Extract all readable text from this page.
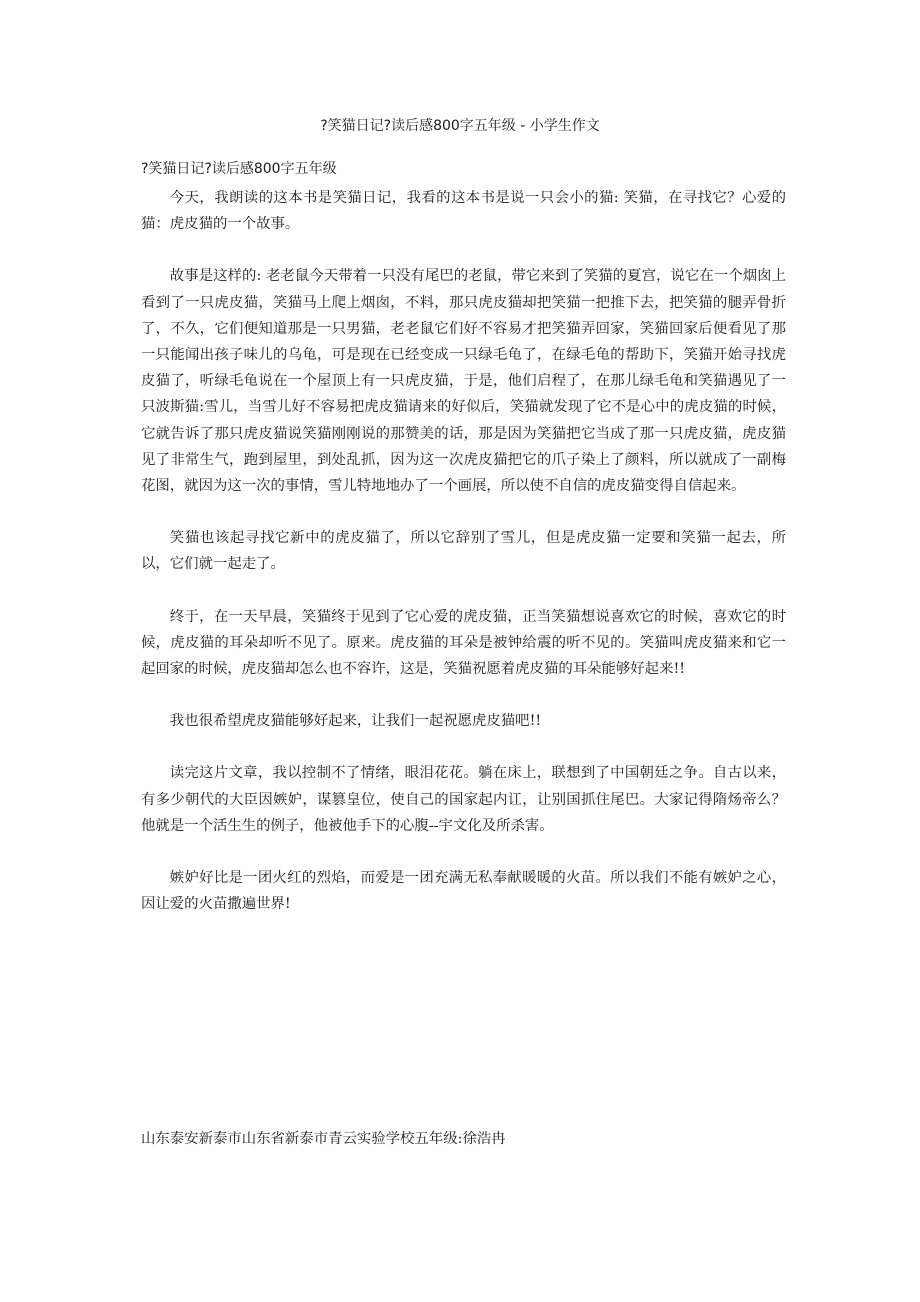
?笑猫日记?读后感800字五年级 - 小学生作文

?笑猫日记?读后感800字五年级

今天，我朗读的这本书是笑猫日记，我看的这本书是说一只会小的猫: 笑猫，在寻找它？心爱的猫：虎皮猫的一个故事。

故事是这样的: 老老鼠今天带着一只没有尾巴的老鼠，带它来到了笑猫的夏宫，说它在一个烟囱上看到了一只虎皮猫，笑猫马上爬上烟囱，不料，那只虎皮猫却把笑猫一把推下去，把笑猫的腿弄骨折了，不久，它们便知道那是一只男猫，老老鼠它们好不容易才把笑猫弄回家，笑猫回家后便看见了那一只能闻出孩子味儿的乌龟，可是现在已经变成一只绿毛龟了，在绿毛龟的帮助下，笑猫开始寻找虎皮猫了，听绿毛龟说在一个屋顶上有一只虎皮猫，于是，他们启程了，在那儿绿毛龟和笑猫遇见了一只波斯猫:雪儿，当雪儿好不容易把虎皮猫请来的好似后，笑猫就发现了它不是心中的虎皮猫的时候，它就告诉了那只虎皮猫说笑猫刚刚说的那赞美的话，那是因为笑猫把它当成了那一只虎皮猫，虎皮猫见了非常生气，跑到屋里，到处乱抓，因为这一次虎皮猫把它的爪子染上了颜料，所以就成了一副梅花图，就因为这一次的事情，雪儿特地地办了一个画展，所以使不自信的虎皮猫变得自信起来。

笑猫也该起寻找它新中的虎皮猫了，所以它辞别了雪儿，但是虎皮猫一定要和笑猫一起去，所以，它们就一起走了。

终于，在一天早晨，笑猫终于见到了它心爱的虎皮猫，正当笑猫想说喜欢它的时候，喜欢它的时候，虎皮猫的耳朵却听不见了。原来。虎皮猫的耳朵是被钟给震的听不见的。笑猫叫虎皮猫来和它一起回家的时候，虎皮猫却怎么也不容许，这是，笑猫祝愿着虎皮猫的耳朵能够好起来!!

我也很希望虎皮猫能够好起来，让我们一起祝愿虎皮猫吧!!

读完这片文章，我以控制不了情绪，眼泪花花。躺在床上，联想到了中国朝廷之争。自古以来，有多少朝代的大臣因嫉妒，谋篡皇位，使自己的国家起内讧，让别国抓住尾巴。大家记得隋炀帝么？他就是一个活生生的例子，他被他手下的心腹--宇文化及所杀害。

嫉妒好比是一团火红的烈焰，而爱是一团充满无私奉献暖暖的火苗。所以我们不能有嫉妒之心，因让爱的火苗撒遍世界!

山东泰安新泰市山东省新泰市青云实验学校五年级:徐浩冉
